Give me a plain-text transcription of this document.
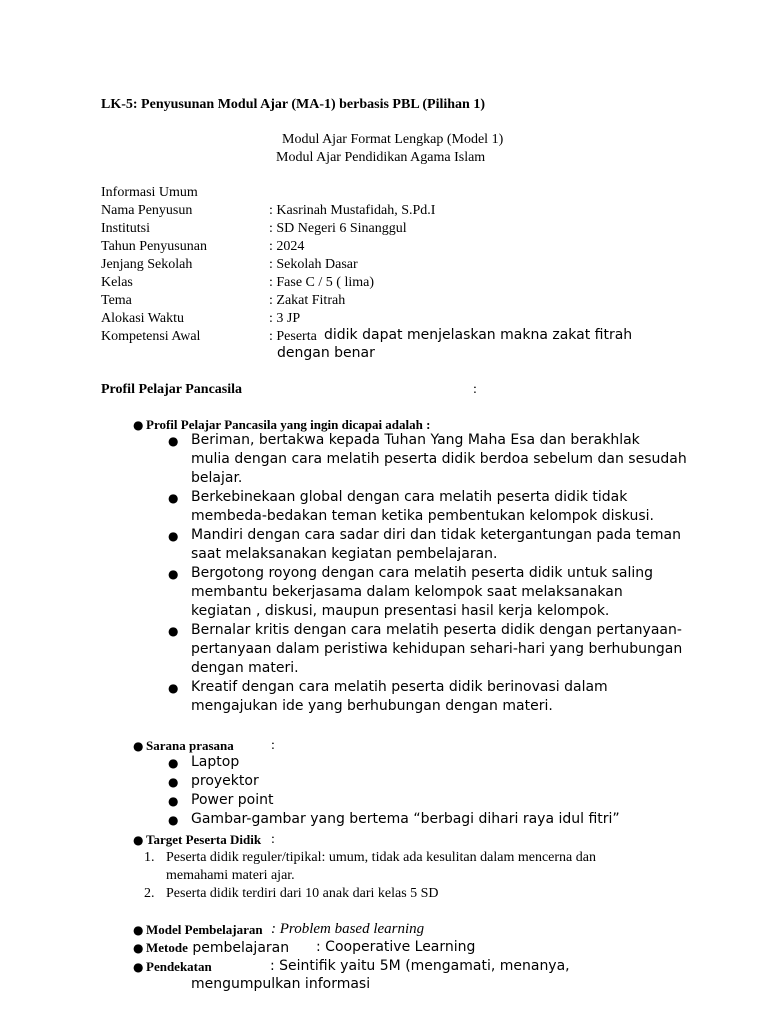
LK-5: Penyusunan Modul Ajar (MA-1) berbasis PBL (Pilihan 1)
Modul Ajar Format Lengkap (Model 1)
Modul Ajar Pendidikan Agama Islam
Informasi Umum
Nama Penyusun	: Kasrinah Mustafidah, S.Pd.I
Institutsi	: SD Negeri 6 Sinanggul
Tahun Penyusunan	: 2024
Jenjang Sekolah	: Sekolah Dasar
Kelas	: Fase C / 5 ( lima)
Tema	: Zakat Fitrah
Alokasi Waktu	: 3 JP
Kompetensi Awal	: Peserta didik dapat menjelaskan makna zakat fitrah
dengan benar
Profil Pelajar Pancasila	:
● Profil Pelajar Pancasila yang ingin dicapai adalah :
● Beriman, bertakwa kepada Tuhan Yang Maha Esa dan berakhlak
mulia dengan cara melatih peserta didik berdoa sebelum dan sesudah
belajar.
● Berkebinekaan global dengan cara melatih peserta didik tidak
membeda-bedakan teman ketika pembentukan kelompok diskusi.
● Mandiri dengan cara sadar diri dan tidak ketergantungan pada teman
saat melaksanakan kegiatan pembelajaran.
● Bergotong royong dengan cara melatih peserta didik untuk saling
membantu bekerjasama dalam kelompok saat melaksanakan
kegiatan , diskusi, maupun presentasi hasil kerja kelompok.
● Bernalar kritis dengan cara melatih peserta didik dengan pertanyaan-
pertanyaan dalam peristiwa kehidupan sehari-hari yang berhubungan
dengan materi.
● Kreatif dengan cara melatih peserta didik berinovasi dalam
mengajukan ide yang berhubungan dengan materi.
● Sarana prasana	:
● Laptop
● proyektor
● Power point
● Gambar-gambar yang bertema “berbagi dihari raya idul fitri”
● Target Peserta Didik :
1. Peserta didik reguler/tipikal: umum, tidak ada kesulitan dalam mencerna dan
memahami materi ajar.
2. Peserta didik terdiri dari 10 anak dari kelas 5 SD
● Model Pembelajaran : Problem based learning
● Metode pembelajaran : Cooperative Learning
● Pendekatan	: Seintifik yaitu 5M (mengamati, menanya,
mengumpulkan informasi
